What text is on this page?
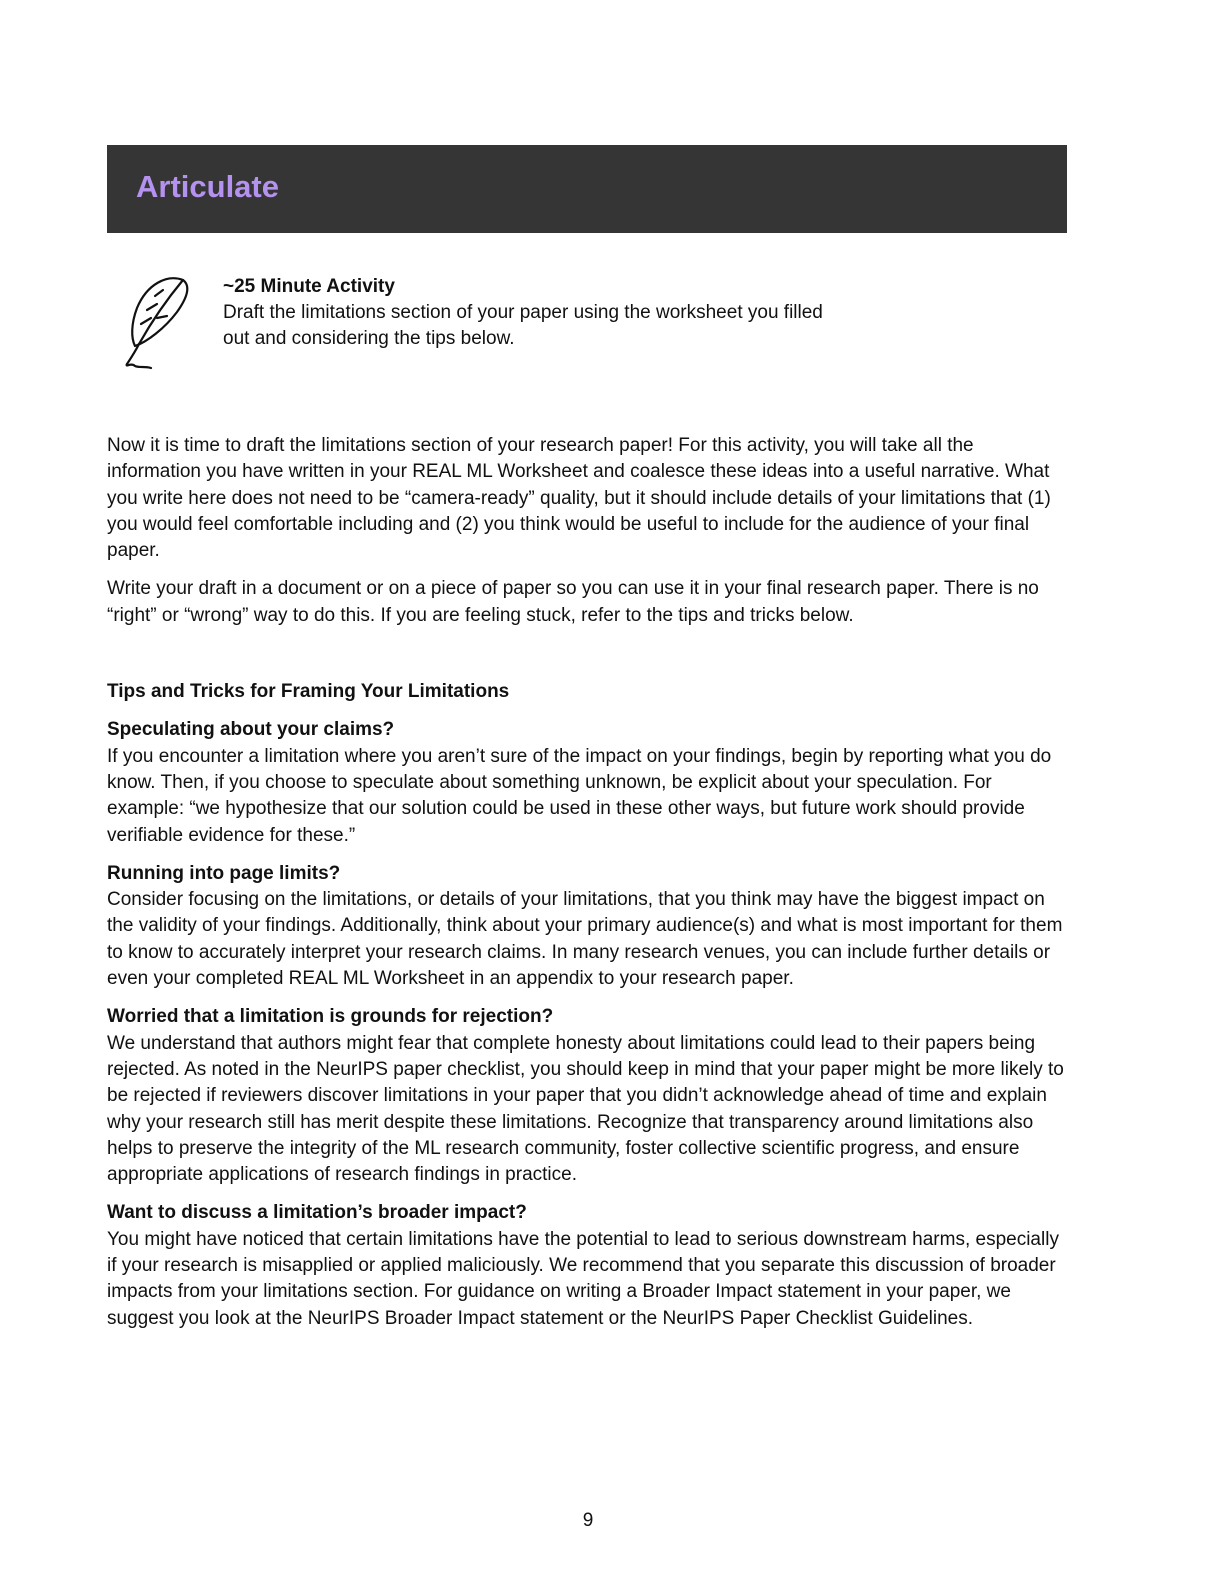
Articulate

~25 Minute Activity

Draft the limitations section of your paper using the worksheet you filled out and considering the tips below.

Now it is time to draft the limitations section of your research paper! For this activity, you will take all the information you have written in your REAL ML Worksheet and coalesce these ideas into a useful narrative. What you write here does not need to be “camera-ready” quality, but it should include details of your limitations that (1) you would feel comfortable including and (2) you think would be useful to include for the audience of your final paper.

Write your draft in a document or on a piece of paper so you can use it in your final research paper. There is no “right” or “wrong” way to do this. If you are feeling stuck, refer to the tips and tricks below.

Tips and Tricks for Framing Your Limitations

Speculating about your claims?

If you encounter a limitation where you aren’t sure of the impact on your findings, begin by reporting what you do know. Then, if you choose to speculate about something unknown, be explicit about your speculation. For example: “we hypothesize that our solution could be used in these other ways, but future work should provide verifiable evidence for these.”

Running into page limits?

Consider focusing on the limitations, or details of your limitations, that you think may have the biggest impact on the validity of your findings. Additionally, think about your primary audience(s) and what is most important for them to know to accurately interpret your research claims. In many research venues, you can include further details or even your completed REAL ML Worksheet in an appendix to your research paper.

Worried that a limitation is grounds for rejection?

We understand that authors might fear that complete honesty about limitations could lead to their papers being rejected. As noted in the NeurIPS paper checklist, you should keep in mind that your paper might be more likely to be rejected if reviewers discover limitations in your paper that you didn’t acknowledge ahead of time and explain why your research still has merit despite these limitations. Recognize that transparency around limitations also helps to preserve the integrity of the ML research community, foster collective scientific progress, and ensure appropriate applications of research findings in practice.

Want to discuss a limitation’s broader impact?

You might have noticed that certain limitations have the potential to lead to serious downstream harms, especially if your research is misapplied or applied maliciously. We recommend that you separate this discussion of broader impacts from your limitations section. For guidance on writing a Broader Impact statement in your paper, we suggest you look at the NeurIPS Broader Impact statement or the NeurIPS Paper Checklist Guidelines.

9
